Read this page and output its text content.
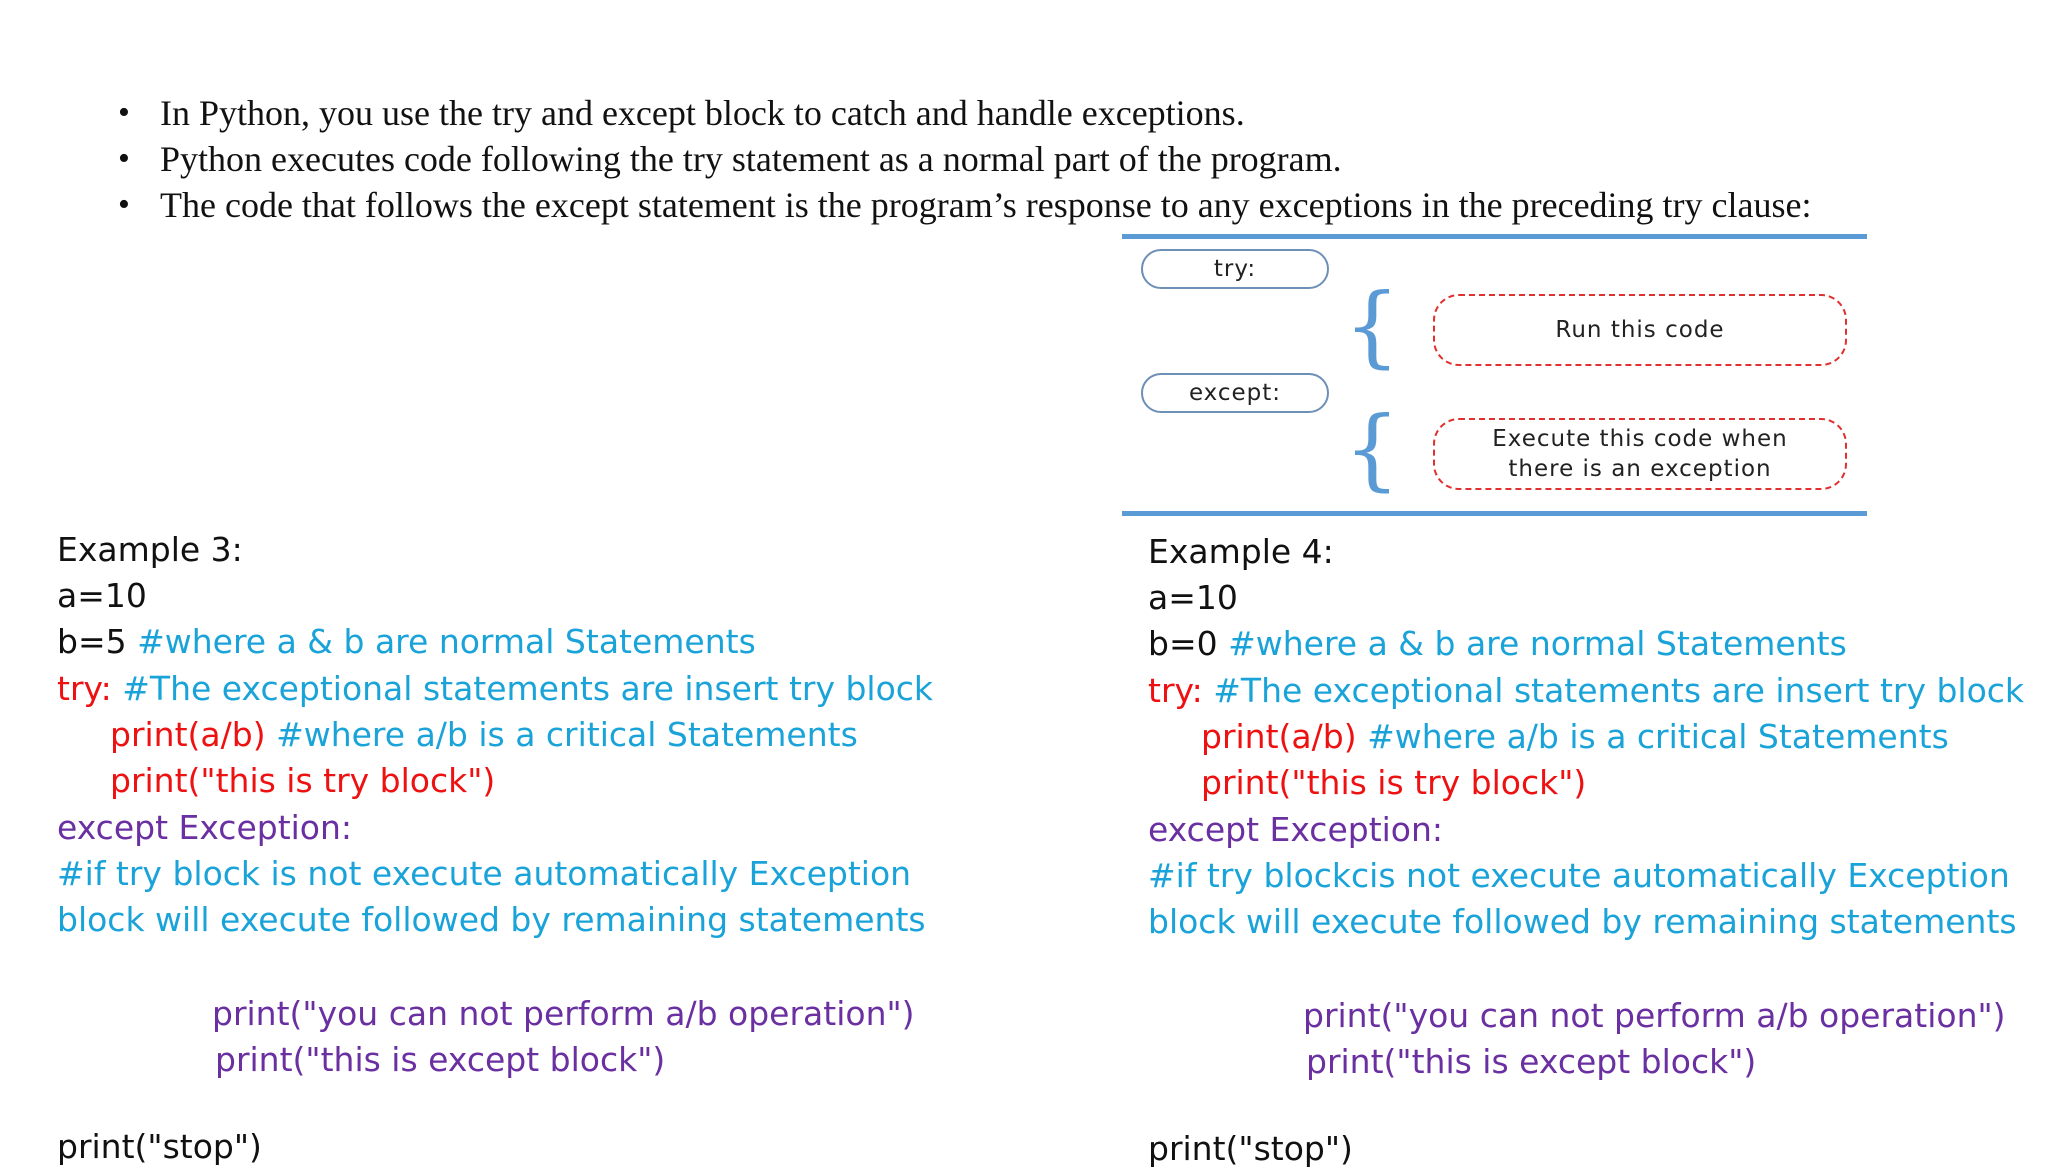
• In Python, you use the try and except block to catch and handle exceptions.
• Python executes code following the try statement as a normal part of the program.
• The code that follows the except statement is the program’s response to any exceptions in the preceding try clause:
try:
{	Run this code
except:
{	Execute this code when
there is an exception
Example 3:
a=10
b=5 #where a & b are normal Statements
try: #The exceptional statements are insert try block
print(a/b) #where a/b is a critical Statements
print("this is try block")
except Exception:
#if try block is not execute automatically Exception
block will execute followed by remaining statements
print("you can not perform a/b operation")
print("this is except block")
print("stop")
Example 4:
a=10
b=0 #where a & b are normal Statements
try: #The exceptional statements are insert try block
print(a/b) #where a/b is a critical Statements
print("this is try block")
except Exception:
#if try blockcis not execute automatically Exception
block will execute followed by remaining statements
print("you can not perform a/b operation")
print("this is except block")
print("stop")
